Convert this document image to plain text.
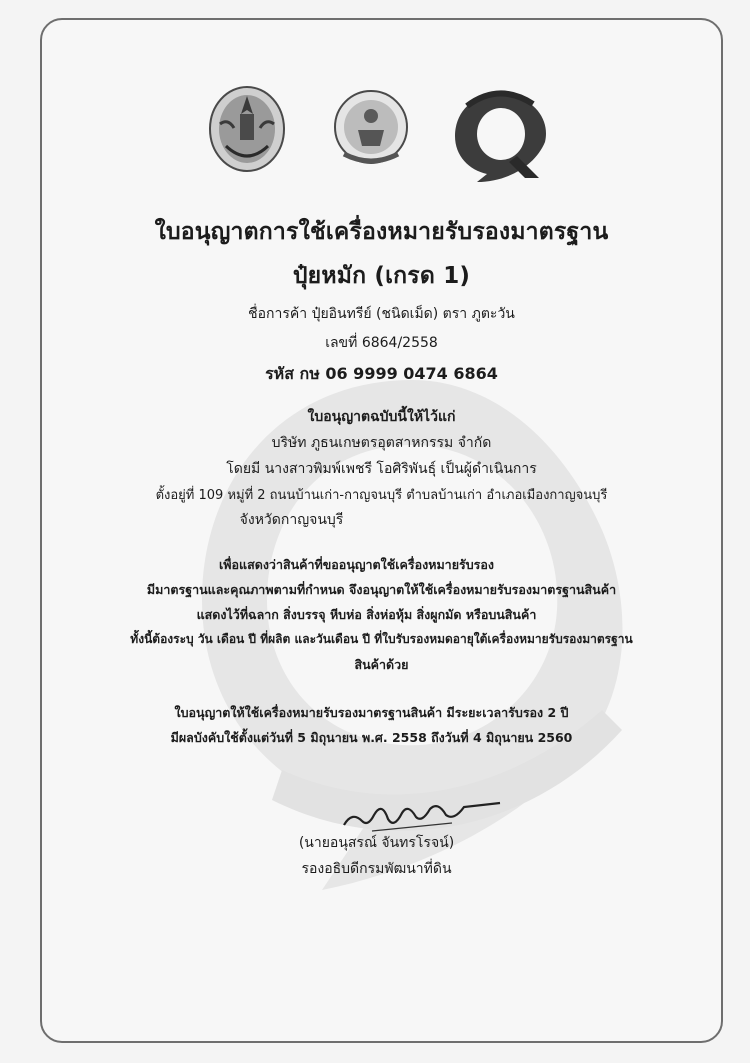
ใบอนุญาตการใช้เครื่องหมายรับรองมาตรฐาน
ปุ๋ยหมัก (เกรด 1)
ชื่อการค้า ปุ๋ยอินทรีย์ (ชนิดเม็ด) ตรา ภูตะวัน
เลขที่ 6864/2558
รหัส กษ 06 9999 0474 6864
ใบอนุญาตฉบับนี้ให้ไว้แก่
บริษัท ภูธนเกษตรอุตสาหกรรม จำกัด
โดยมี นางสาวพิมพ์เพชรี โอศิริพันธุ์ เป็นผู้ดำเนินการ
ตั้งอยู่ที่ 109 หมู่ที่ 2 ถนนบ้านเก่า-กาญจนบุรี ตำบลบ้านเก่า อำเภอเมืองกาญจนบุรี
จังหวัดกาญจนบุรี
เพื่อแสดงว่าสินค้าที่ขออนุญาตใช้เครื่องหมายรับรอง
มีมาตรฐานและคุณภาพตามที่กำหนด จึงอนุญาตให้ใช้เครื่องหมายรับรองมาตรฐานสินค้า
แสดงไว้ที่ฉลาก สิ่งบรรจุ หีบห่อ สิ่งห่อหุ้ม สิ่งผูกมัด หรือบนสินค้า
ทั้งนี้ต้องระบุ วัน เดือน ปี ที่ผลิต และวันเดือน ปี ที่ใบรับรองหมดอายุใต้เครื่องหมายรับรองมาตรฐาน
สินค้าด้วย
ใบอนุญาตให้ใช้เครื่องหมายรับรองมาตรฐานสินค้า มีระยะเวลารับรอง 2 ปี
มีผลบังคับใช้ตั้งแต่วันที่ 5 มิถุนายน พ.ศ. 2558 ถึงวันที่ 4 มิถุนายน 2560
(นายอนุสรณ์ จันทรโรจน์)
รองอธิบดีกรมพัฒนาที่ดิน
